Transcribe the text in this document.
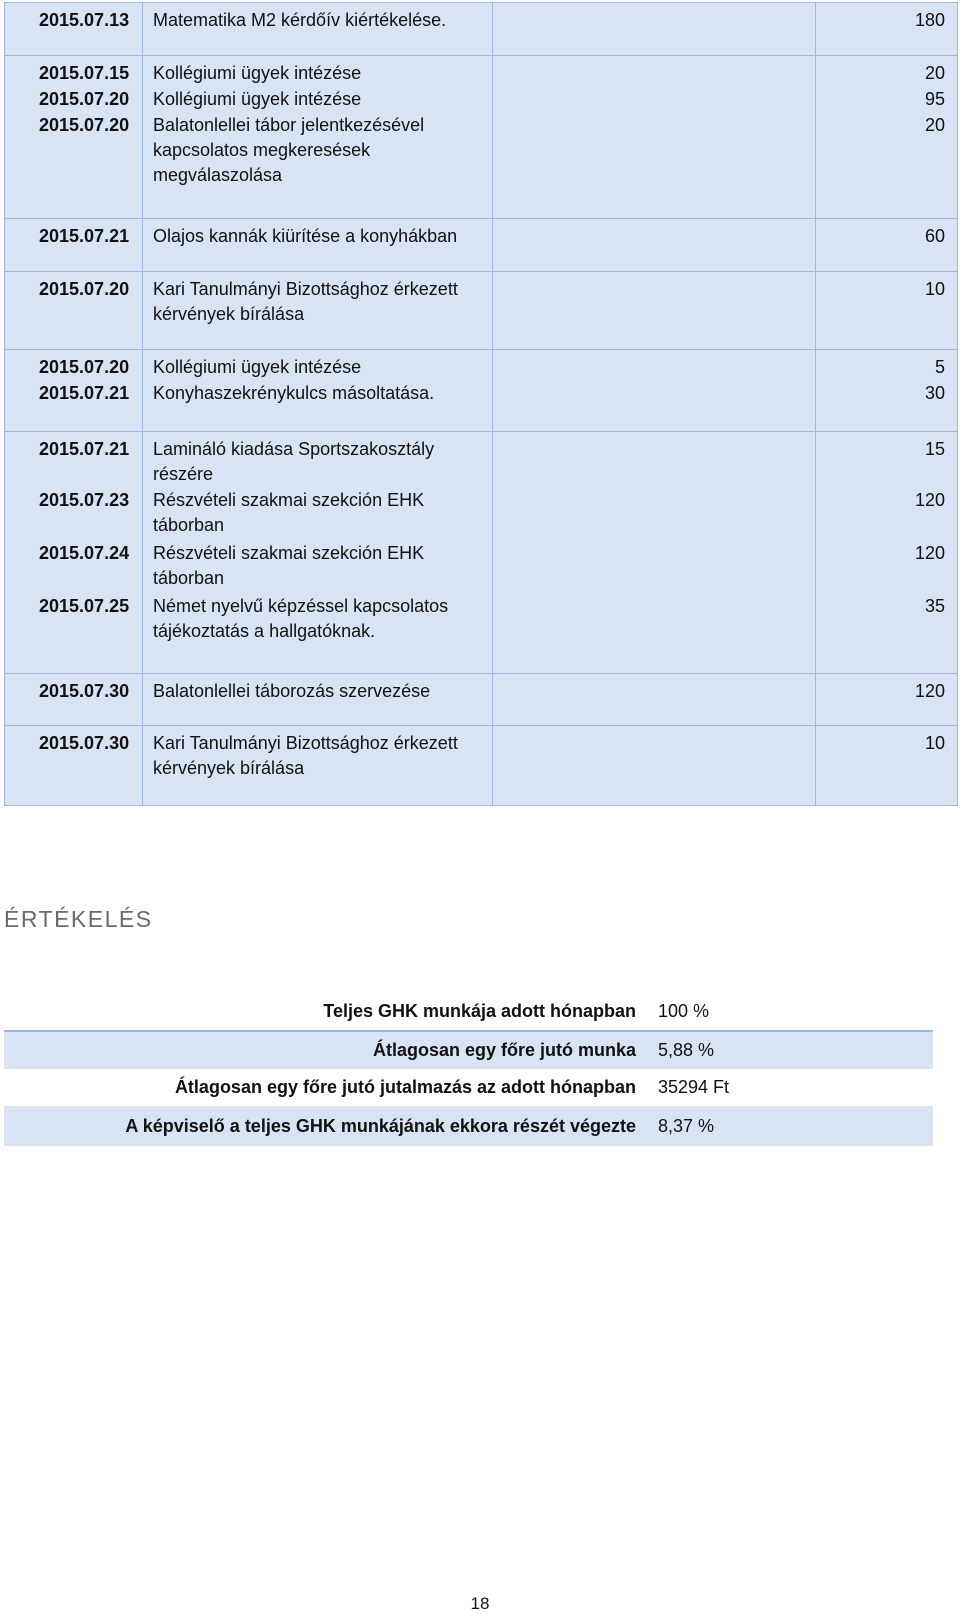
2015.07.13	Matematika M2 kérdőív kiértékelése.		180
2015.07.15	Kollégiumi ügyek intézése		20
2015.07.20	Kollégiumi ügyek intézése		95
2015.07.20	Balatonlellei tábor jelentkezésével kapcsolatos megkeresések megválaszolása		20
2015.07.21	Olajos kannák kiürítése a konyhákban		60
2015.07.20	Kari Tanulmányi Bizottsághoz érkezett kérvények bírálása		10
2015.07.20	Kollégiumi ügyek intézése		5
2015.07.21	Konyhaszekrénykulcs másoltatása.		30
2015.07.21	Lamináló kiadása Sportszakosztály részére		15
2015.07.23	Részvételi szakmai szekción EHK táborban		120
2015.07.24	Részvételi szakmai szekción EHK táborban		120
2015.07.25	Német nyelvű képzéssel kapcsolatos tájékoztatás a hallgatóknak.		35
2015.07.30	Balatonlellei táborozás szervezése		120
2015.07.30	Kari Tanulmányi Bizottsághoz érkezett kérvények bírálása		10
ÉRTÉKELÉS
Teljes GHK munkája adott hónapban	100 %
Átlagosan egy főre jutó munka	5,88 %
Átlagosan egy főre jutó jutalmazás az adott hónapban	35294 Ft
A képviselő a teljes GHK munkájának ekkora részét végezte	8,37 %
18
